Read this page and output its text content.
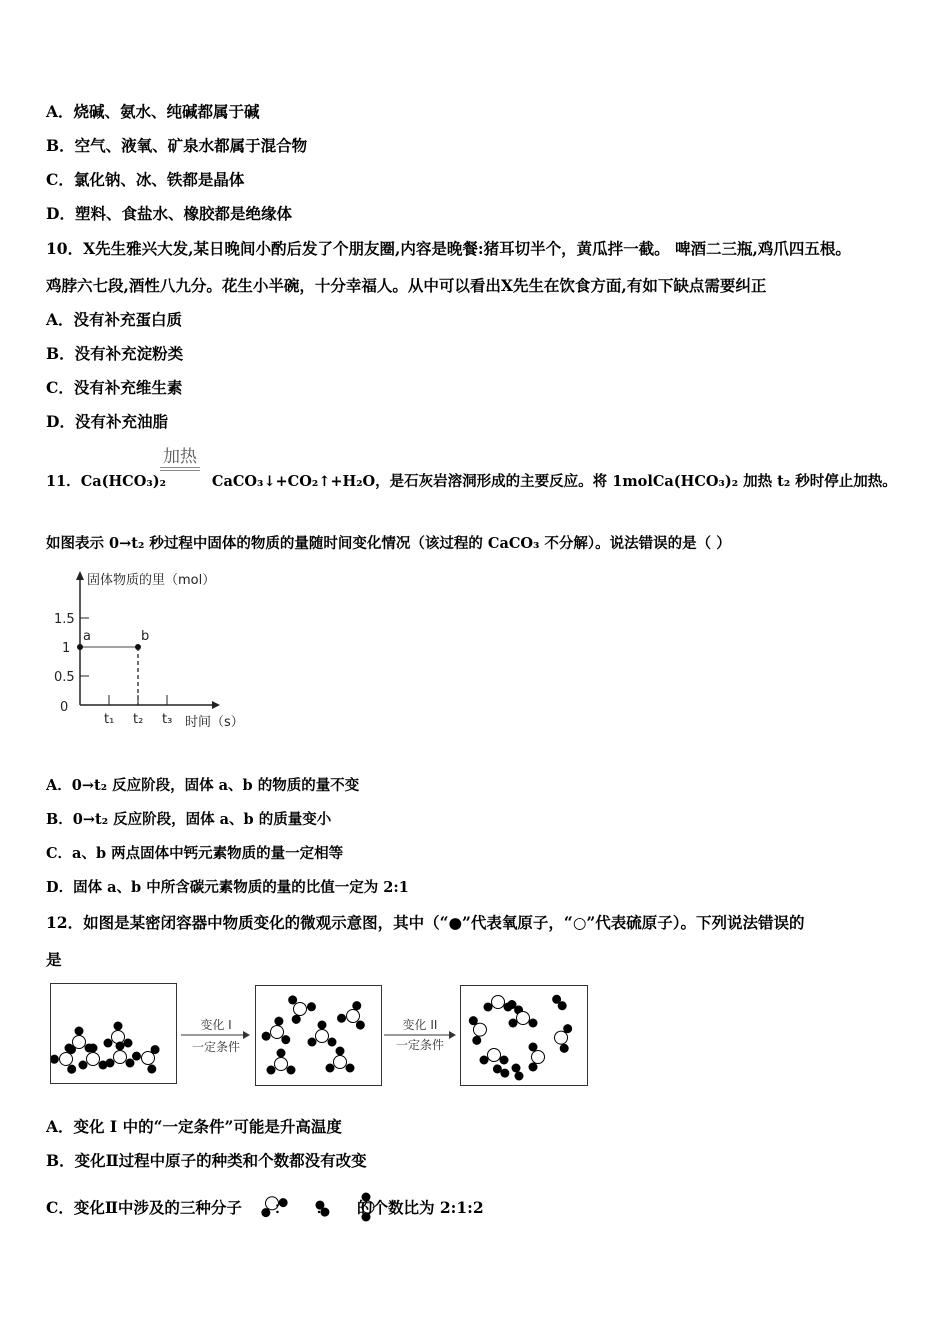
A．烧碱、氨水、纯碱都属于碱
B．空气、液氧、矿泉水都属于混合物
C．氯化钠、冰、铁都是晶体
D．塑料、食盐水、橡胶都是绝缘体
10．X先生雅兴大发,某日晚间小酌后发了个朋友圈,内容是晚餐:猪耳切半个，黄瓜拌一截。 啤酒二三瓶,鸡爪四五根。
鸡脖六七段,酒性八九分。花生小半碗，十分幸福人。从中可以看出X先生在饮食方面,有如下缺点需要纠正
A．没有补充蛋白质
B．没有补充淀粉类
C．没有补充维生素
D．没有补充油脂
11．Ca(HCO₃)₂	CaCO₃↓+CO₂↑+H₂O，是石灰岩溶洞形成的主要反应。将 1molCa(HCO₃)₂ 加热 t₂ 秒时停止加热。
加热
如图表示 0→t₂ 秒过程中固体的物质的量随时间变化情况（该过程的 CaCO₃ 不分解）。说法错误的是（ ）
固体物质的里（mol）
时间（s）
0
0.5
1
1.5
t₁ t₂ t₃
a	b
变化 I
一定条件
变化 II
一定条件
A．0→t₂ 反应阶段，固体 a、b 的物质的量不变
B．0→t₂ 反应阶段，固体 a、b 的质量变小
C．a、b 两点固体中钙元素物质的量一定相等
D．固体 a、b 中所含碳元素物质的量的比值一定为 2:1
12．如图是某密闭容器中物质变化的微观示意图，其中（“●”代表氧原子，“○”代表硫原子）。下列说法错误的
是
A．变化 I 中的“一定条件”可能是升高温度
B．变化Ⅱ过程中原子的种类和个数都没有改变
C．变化Ⅱ中涉及的三种分子 ： ： 的个数比为 2:1:2
